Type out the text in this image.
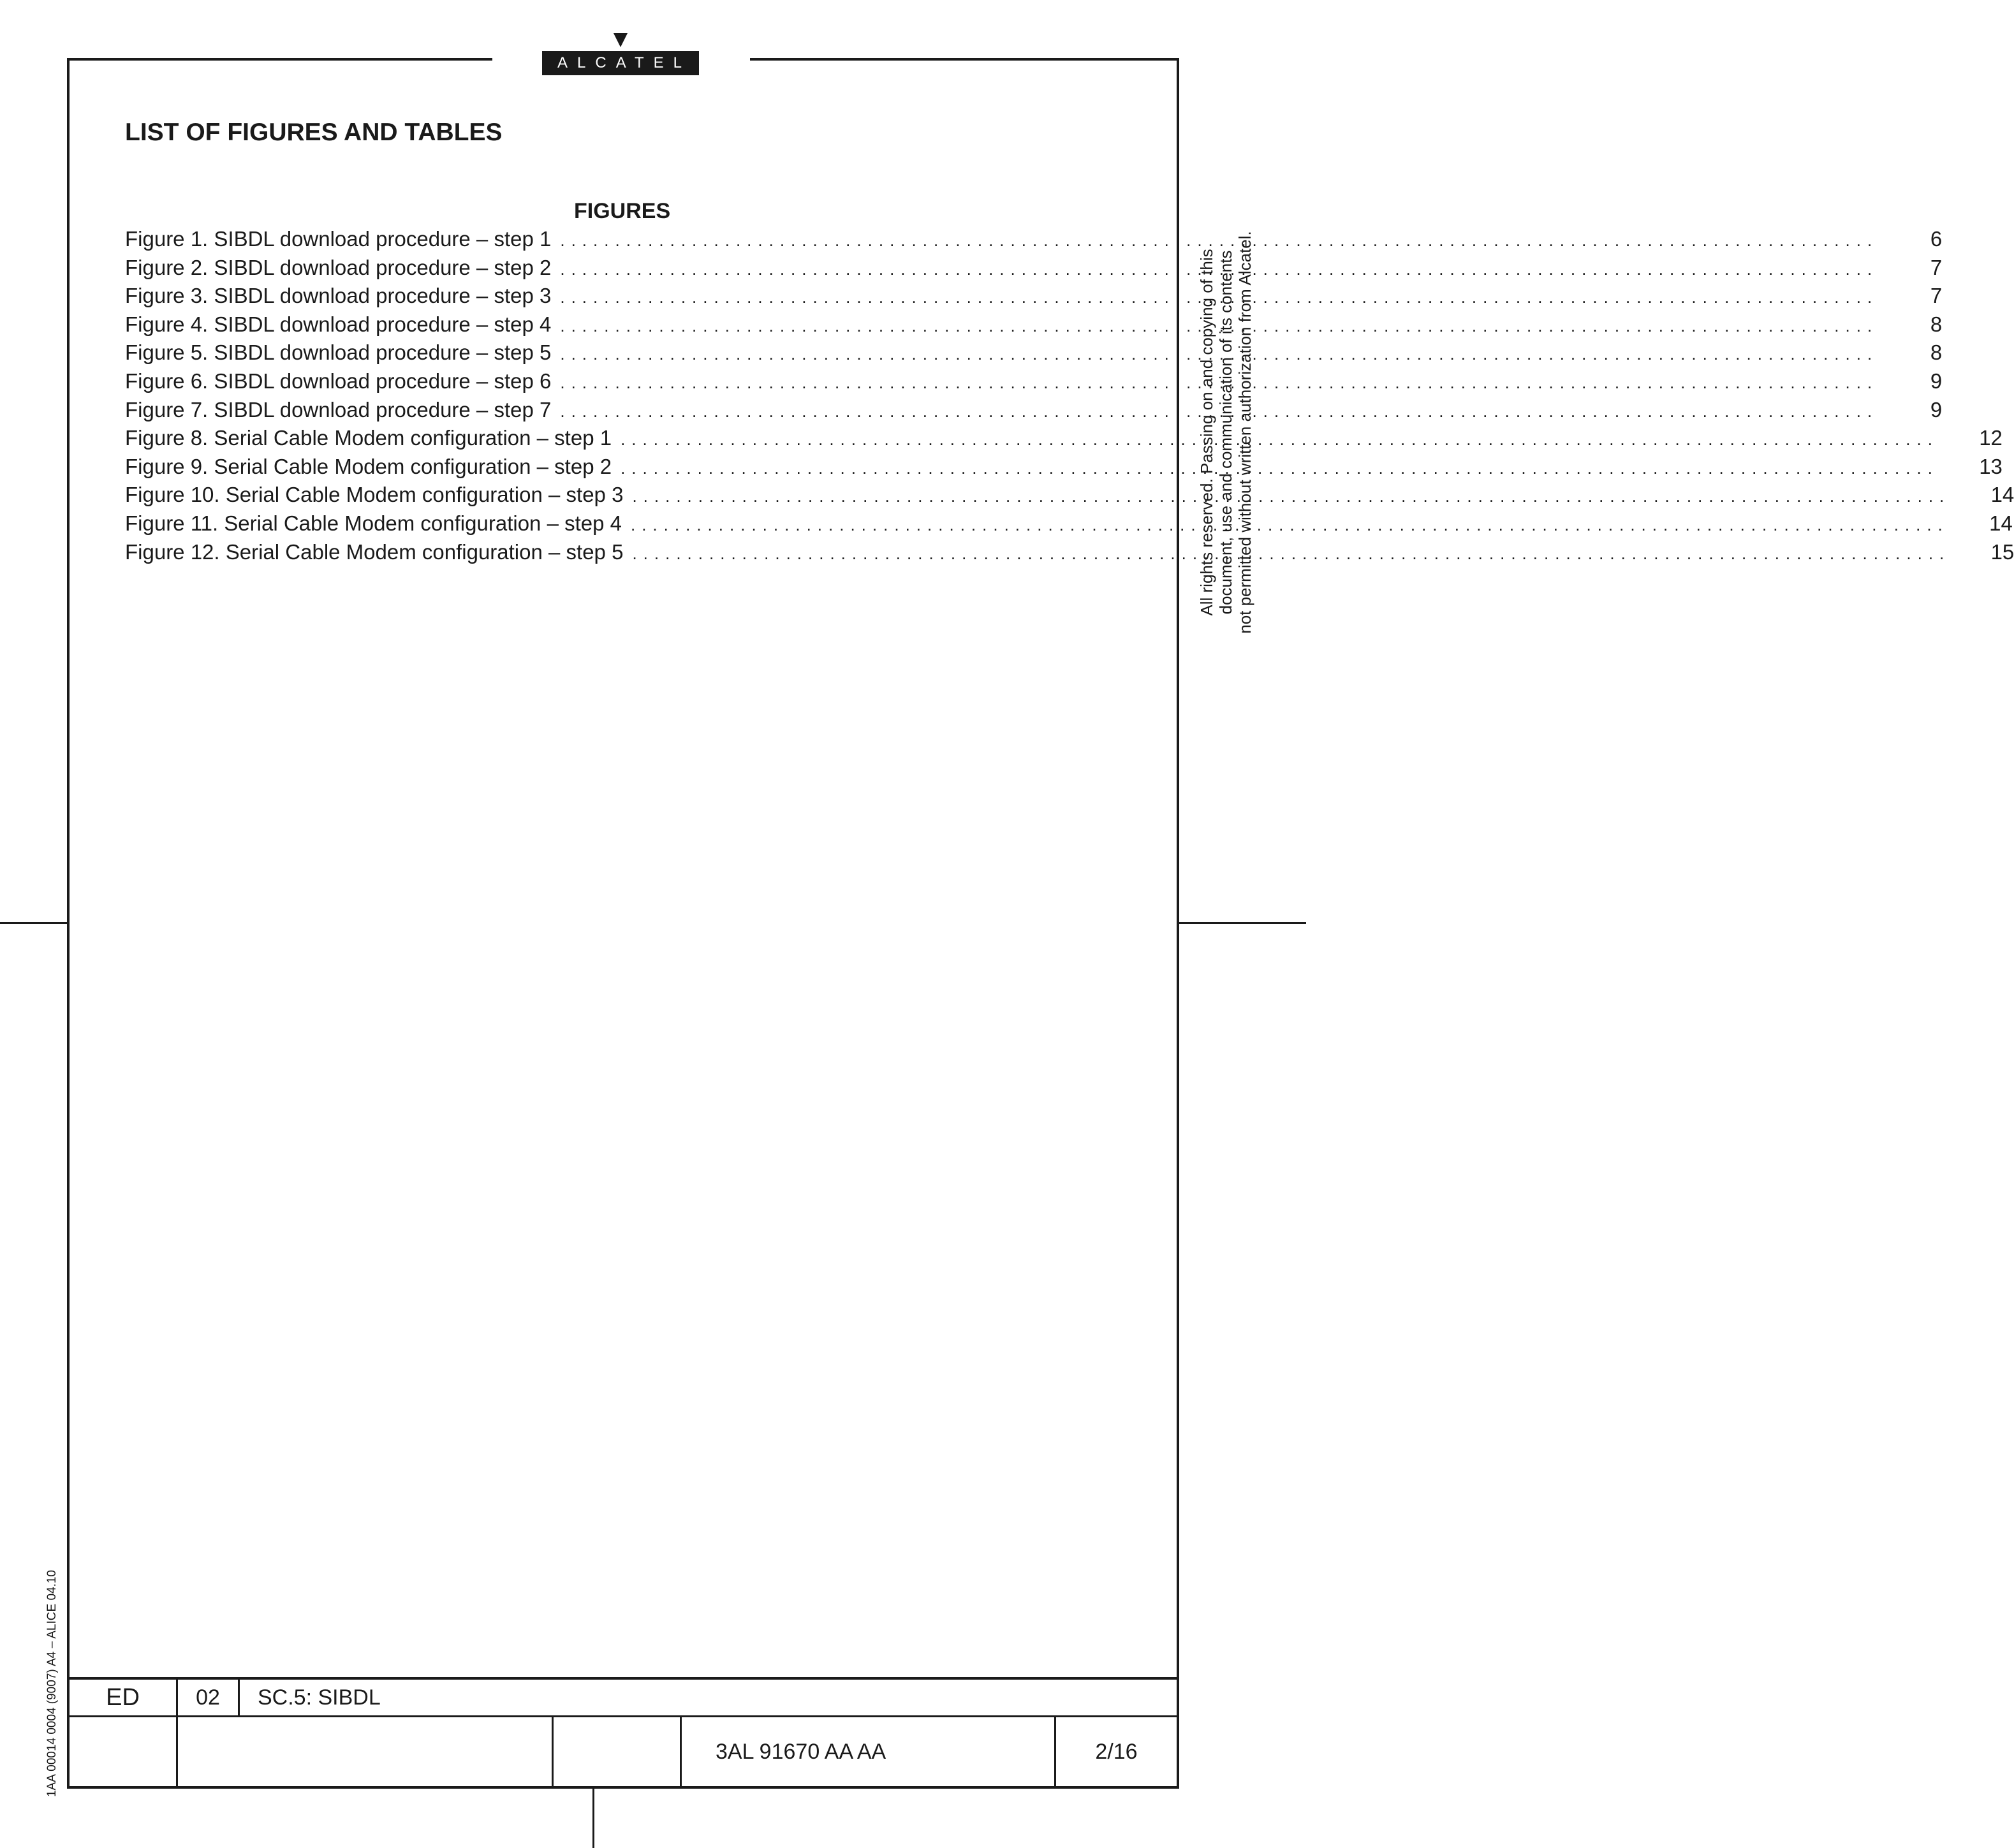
ALCATEL
LIST OF FIGURES AND TABLES
FIGURES
Figure 1. SIBDL download procedure – step 1 ........................................................................................................................	6
Figure 2. SIBDL download procedure – step 2 ........................................................................................................................	7
Figure 3. SIBDL download procedure – step 3 ........................................................................................................................	7
Figure 4. SIBDL download procedure – step 4 ........................................................................................................................	8
Figure 5. SIBDL download procedure – step 5 ........................................................................................................................	8
Figure 6. SIBDL download procedure – step 6 ........................................................................................................................	9
Figure 7. SIBDL download procedure – step 7 ........................................................................................................................	9
Figure 8. Serial Cable Modem configuration – step 1 ........................................................................................................................	12
Figure 9. Serial Cable Modem configuration – step 2 ........................................................................................................................	13
Figure 10. Serial Cable Modem configuration – step 3 ........................................................................................................................	14
Figure 11. Serial Cable Modem configuration – step 4 ........................................................................................................................	14
Figure 12. Serial Cable Modem configuration – step 5 ........................................................................................................................	15
All rights reserved. Passing on and copying of this document, use and communication of its contents not permitted without written authorization from Alcatel.
1AA 00014 0004 (9007) A4 – ALICE 04.10	ED	02	SC.5: SIBDL
3AL 91670 AA AA	2/16
